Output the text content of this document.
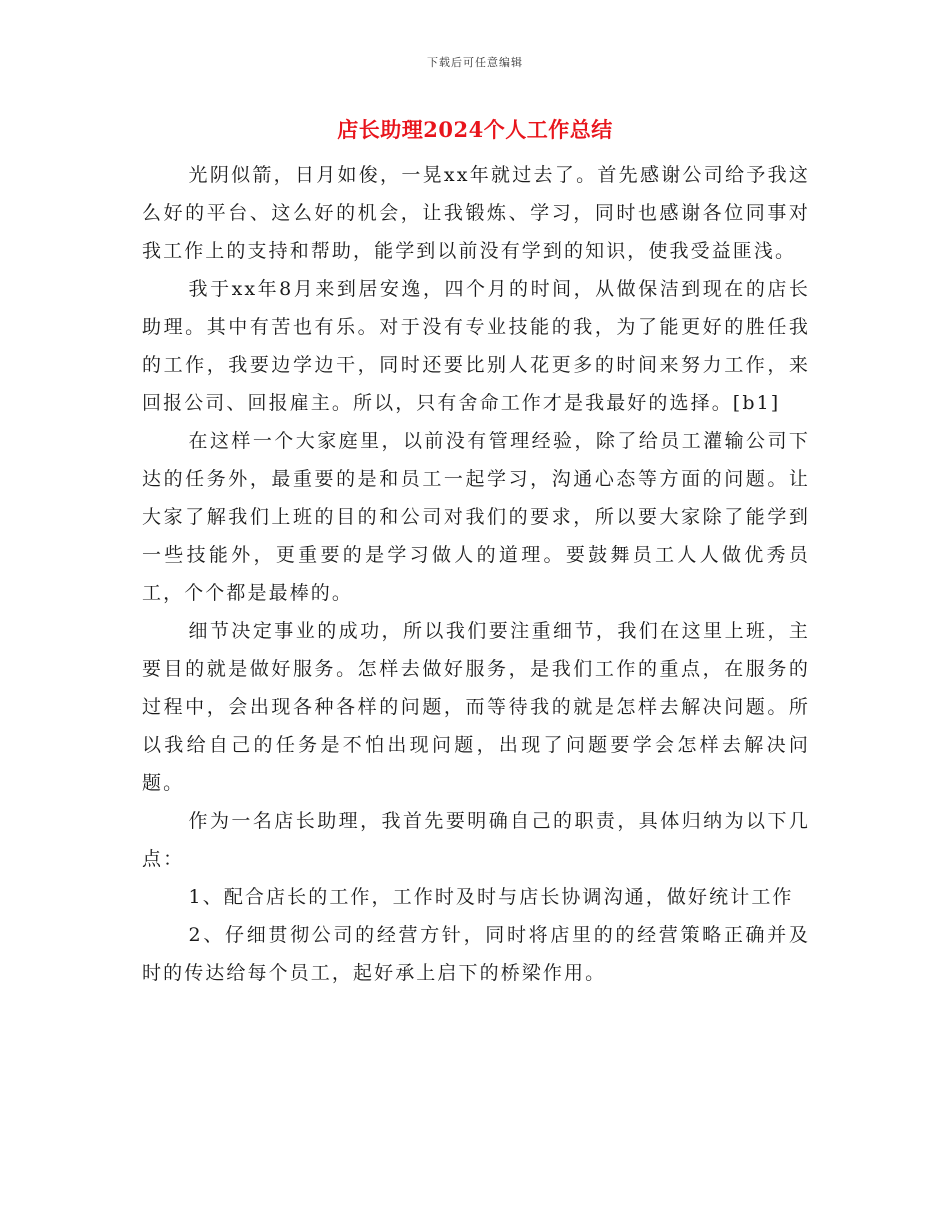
下载后可任意编辑
店长助理2024个人工作总结

光阴似箭，日月如俊，一晃xx年就过去了。首先感谢公司给予我这么好的平台、这么好的机会，让我锻炼、学习，同时也感谢各位同事对我工作上的支持和帮助，能学到以前没有学到的知识，使我受益匪浅。

我于xx年8月来到居安逸，四个月的时间，从做保洁到现在的店长助理。其中有苦也有乐。对于没有专业技能的我，为了能更好的胜任我的工作，我要边学边干，同时还要比别人花更多的时间来努力工作，来回报公司、回报雇主。所以，只有舍命工作才是我最好的选择。[b1]

在这样一个大家庭里，以前没有管理经验，除了给员工灌输公司下达的任务外，最重要的是和员工一起学习，沟通心态等方面的问题。让大家了解我们上班的目的和公司对我们的要求，所以要大家除了能学到一些技能外，更重要的是学习做人的道理。要鼓舞员工人人做优秀员工，个个都是最棒的。

细节决定事业的成功，所以我们要注重细节，我们在这里上班，主要目的就是做好服务。怎样去做好服务，是我们工作的重点，在服务的过程中，会出现各种各样的问题，而等待我的就是怎样去解决问题。所以我给自己的任务是不怕出现问题，出现了问题要学会怎样去解决问题。

作为一名店长助理，我首先要明确自己的职责，具体归纳为以下几点：

1、配合店长的工作，工作时及时与店长协调沟通，做好统计工作

2、仔细贯彻公司的经营方针，同时将店里的的经营策略正确并及时的传达给每个员工，起好承上启下的桥梁作用。
